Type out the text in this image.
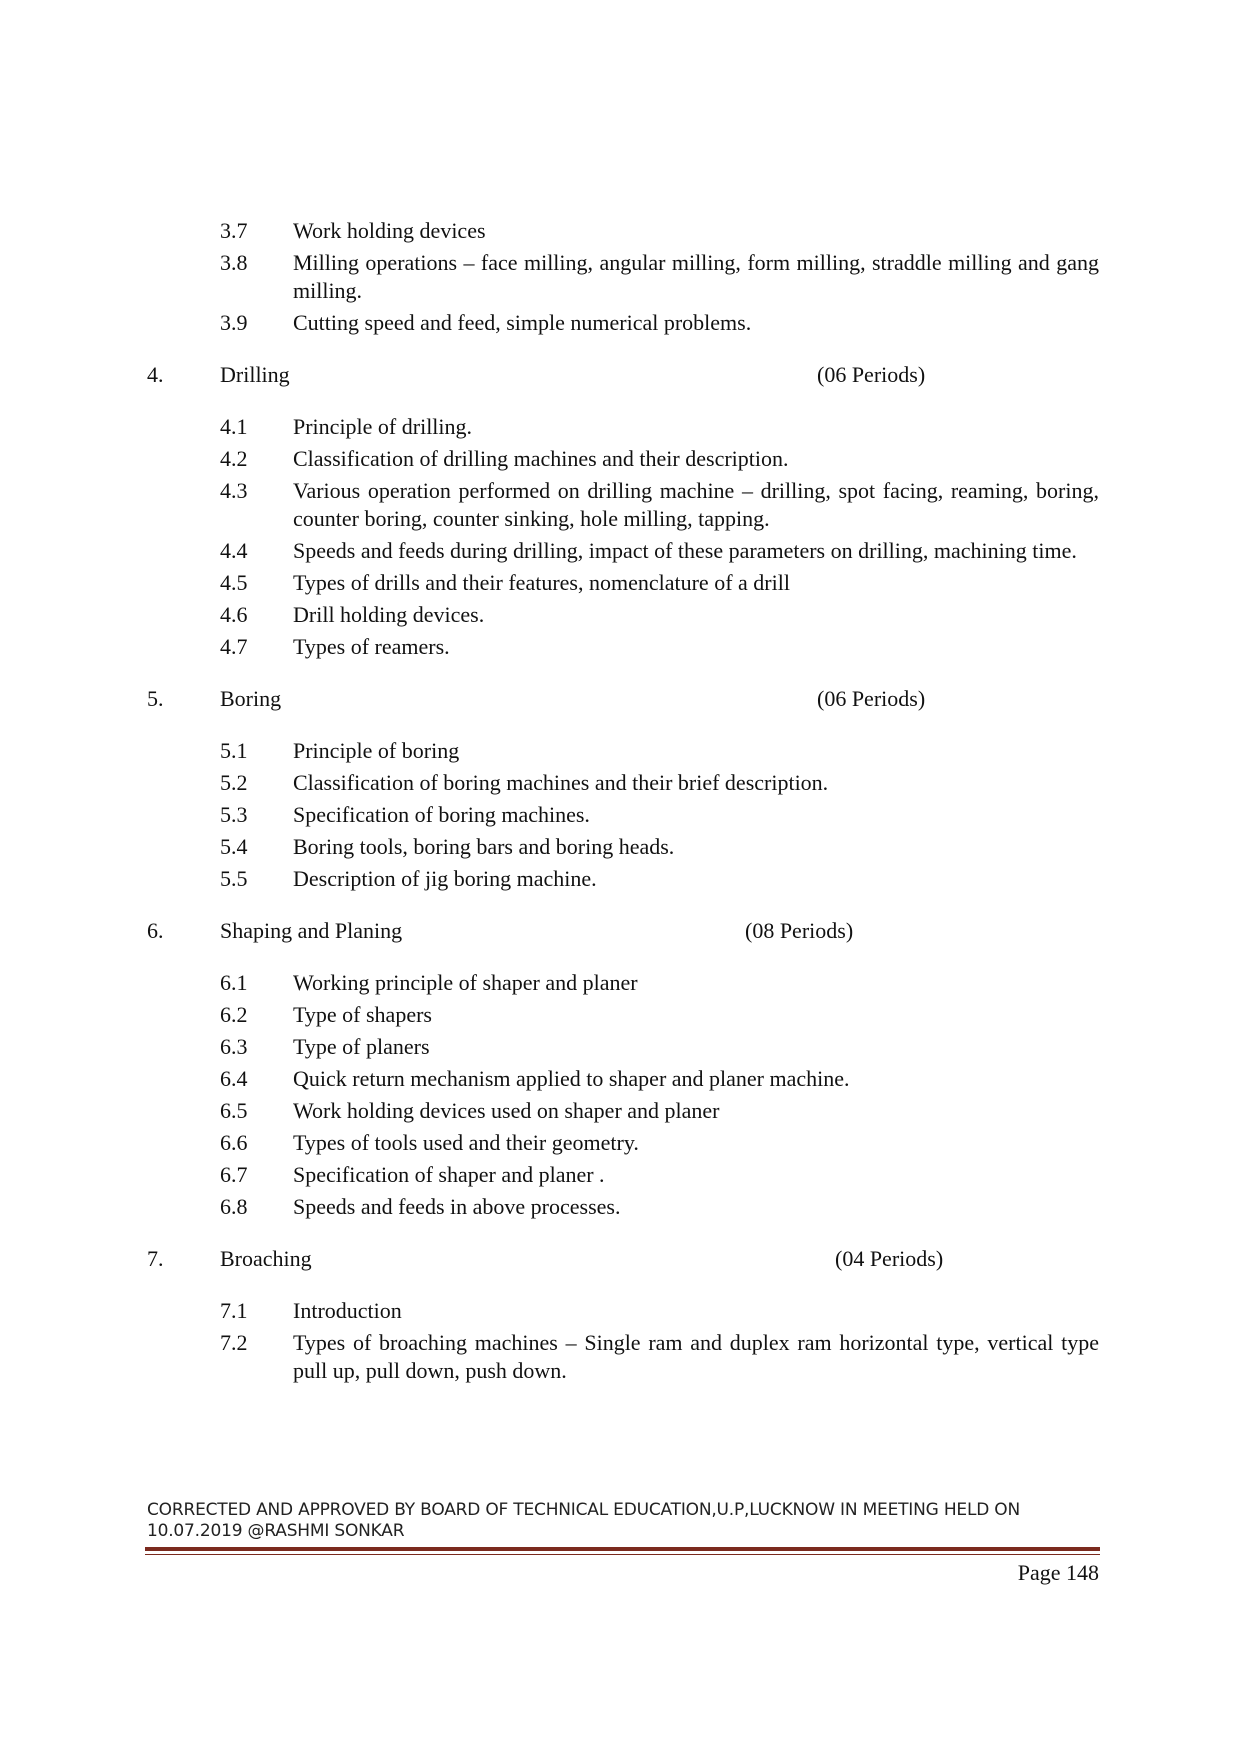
3.7	Work holding devices
3.8	Milling operations – face milling, angular milling, form milling, straddle milling and gang milling.
3.9	Cutting speed and feed, simple numerical problems.
4.	Drilling	(06 Periods)
4.1	Principle of drilling.
4.2	Classification of drilling machines and their description.
4.3	Various operation performed on drilling machine – drilling, spot facing, reaming, boring, counter boring, counter sinking, hole milling, tapping.
4.4	Speeds and feeds during drilling, impact of these parameters on drilling, machining time.
4.5	Types of drills and their features, nomenclature of a drill
4.6	Drill holding devices.
4.7	Types of reamers.
5.	Boring	(06 Periods)
5.1	Principle of boring
5.2	Classification of boring machines and their brief description.
5.3	Specification of boring machines.
5.4	Boring tools, boring bars and boring heads.
5.5	Description of jig boring machine.
6.	Shaping and Planing	(08 Periods)
6.1	Working principle of shaper and planer
6.2	Type of shapers
6.3	Type of planers
6.4	Quick return mechanism applied to shaper and planer machine.
6.5	Work holding devices used on shaper and planer
6.6	Types of tools used and their geometry.
6.7	Specification of shaper and planer .
6.8	Speeds and feeds in above processes.
7.	Broaching	(04 Periods)
7.1	Introduction
7.2	Types of broaching machines – Single ram and duplex ram horizontal type, vertical type pull up, pull down, push down.
CORRECTED AND APPROVED BY BOARD OF TECHNICAL EDUCATION,U.P,LUCKNOW IN MEETING HELD ON 10.07.2019 @RASHMI SONKAR
Page 148
